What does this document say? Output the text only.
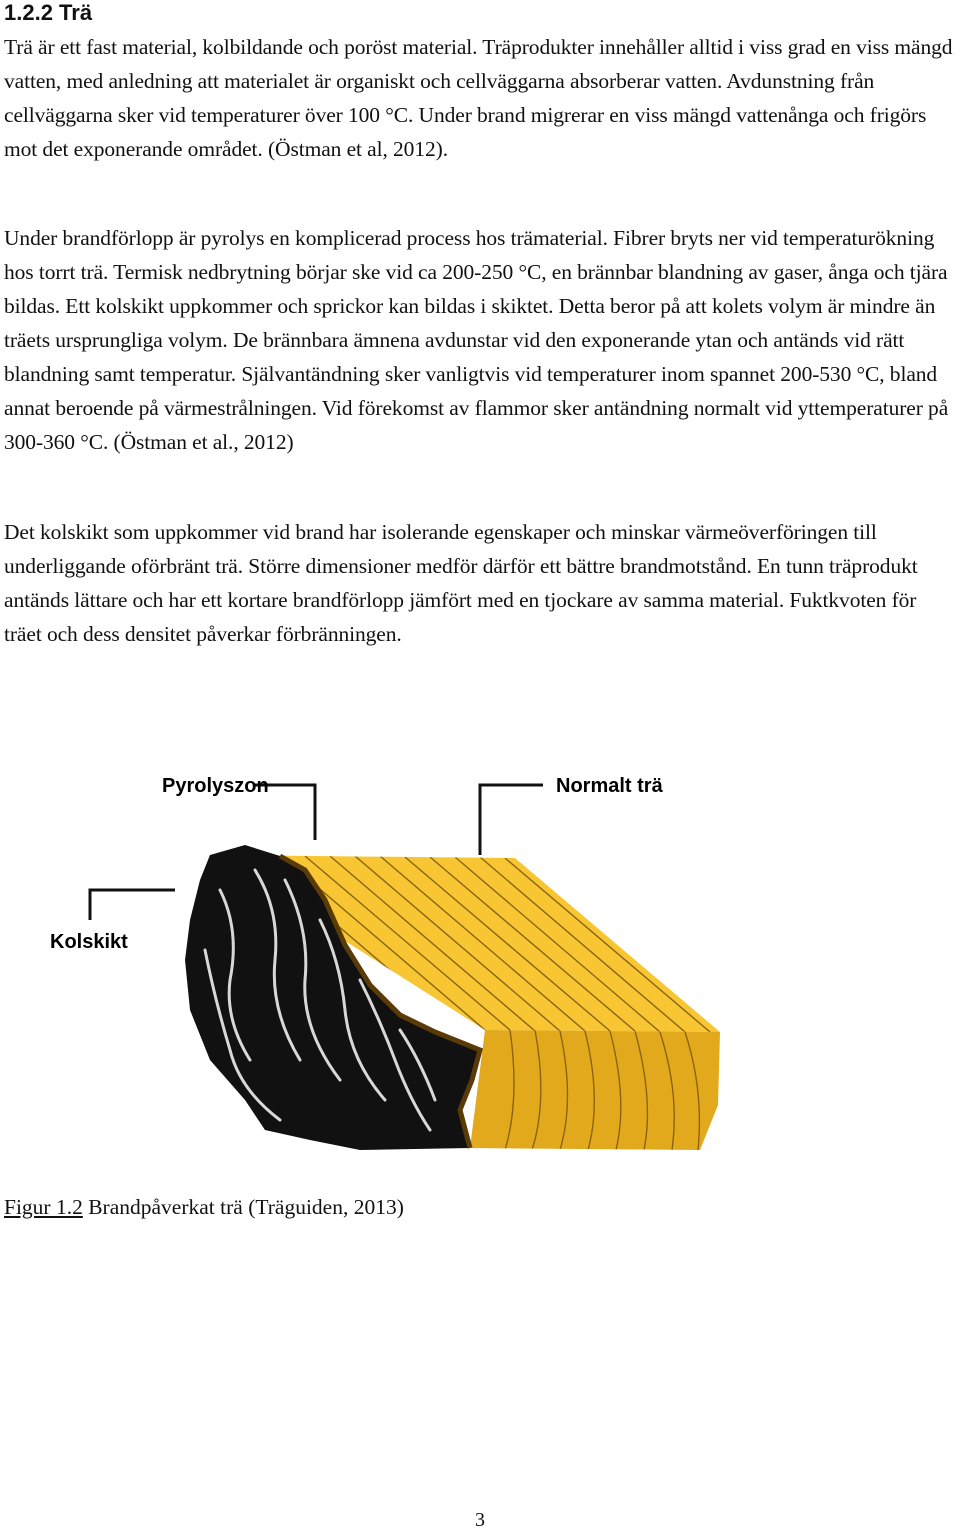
1.2.2 Trä

Trä är ett fast material, kolbildande och poröst material. Träprodukter innehåller alltid i viss grad en viss mängd vatten, med anledning att materialet är organiskt och cellväggarna absorberar vatten. Avdunstning från cellväggarna sker vid temperaturer över 100 °C. Under brand migrerar en viss mängd vattenånga och frigörs mot det exponerande området. (Östman et al, 2012).

Under brandförlopp är pyrolys en komplicerad process hos trämaterial. Fibrer bryts ner vid temperaturökning hos torrt trä. Termisk nedbrytning börjar ske vid ca 200-250 °C, en brännbar blandning av gaser, ånga och tjära bildas. Ett kolskikt uppkommer och sprickor kan bildas i skiktet. Detta beror på att kolets volym är mindre än träets ursprungliga volym. De brännbara ämnena avdunstar vid den exponerande ytan och antänds vid rätt blandning samt temperatur. Självantändning sker vanligtvis vid temperaturer inom spannet 200-530 °C, bland annat beroende på värmestrålningen. Vid förekomst av flammor sker antändning normalt vid yttemperaturer på 300-360 °C. (Östman et al., 2012)

Det kolskikt som uppkommer vid brand har isolerande egenskaper och minskar värmeöverföringen till underliggande oförbränt trä. Större dimensioner medför därför ett bättre brandmotstånd. En tunn träprodukt antänds lättare och har ett kortare brandförlopp jämfört med en tjockare av samma material. Fuktkvoten för träet och dess densitet påverkar förbränningen.

Pyrolyszon	Normalt trä
Kolskikt

Figur 1.2 Brandpåverkat trä (Träguiden, 2013)

3
